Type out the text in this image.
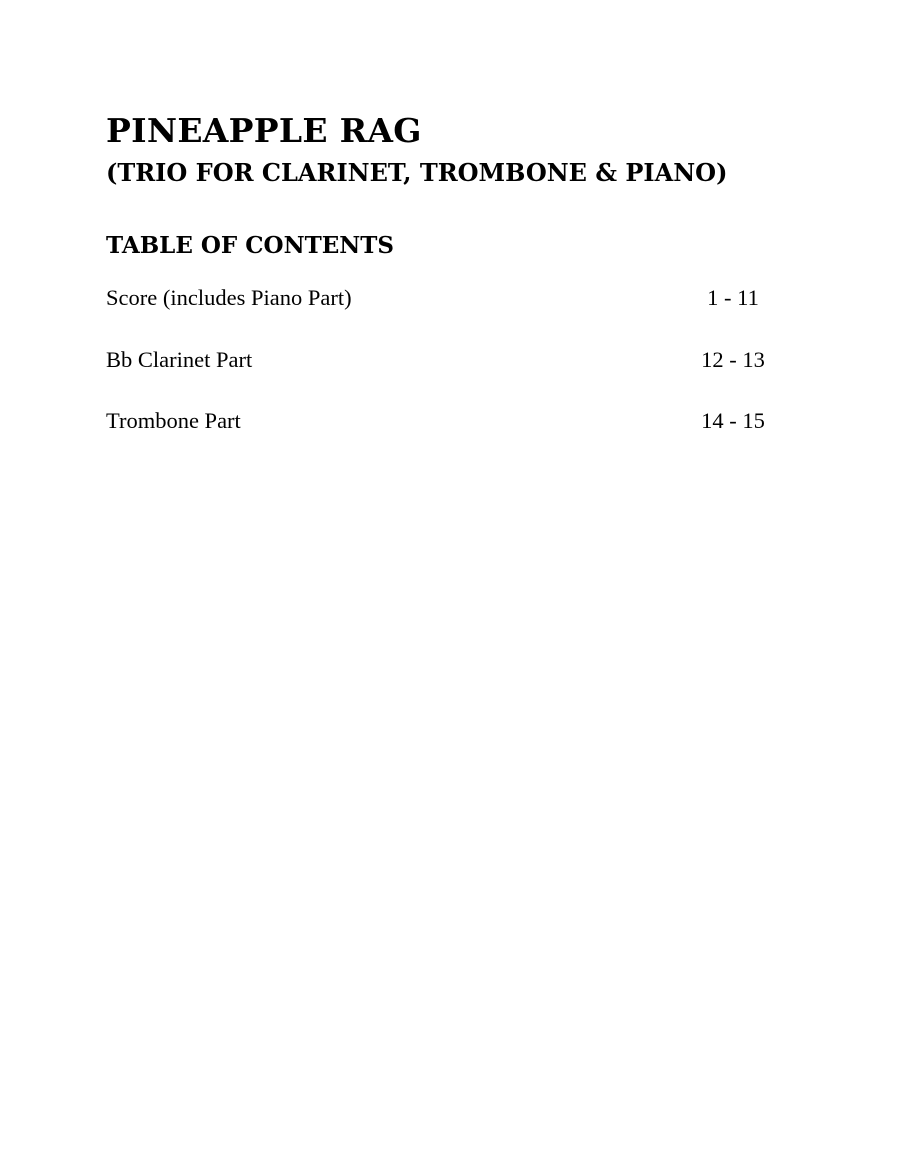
PINEAPPLE RAG
(TRIO FOR CLARINET, TROMBONE & PIANO)
TABLE OF CONTENTS
Score (includes Piano Part)	1 - 11
Bb Clarinet Part	12 - 13
Trombone Part	14 - 15
